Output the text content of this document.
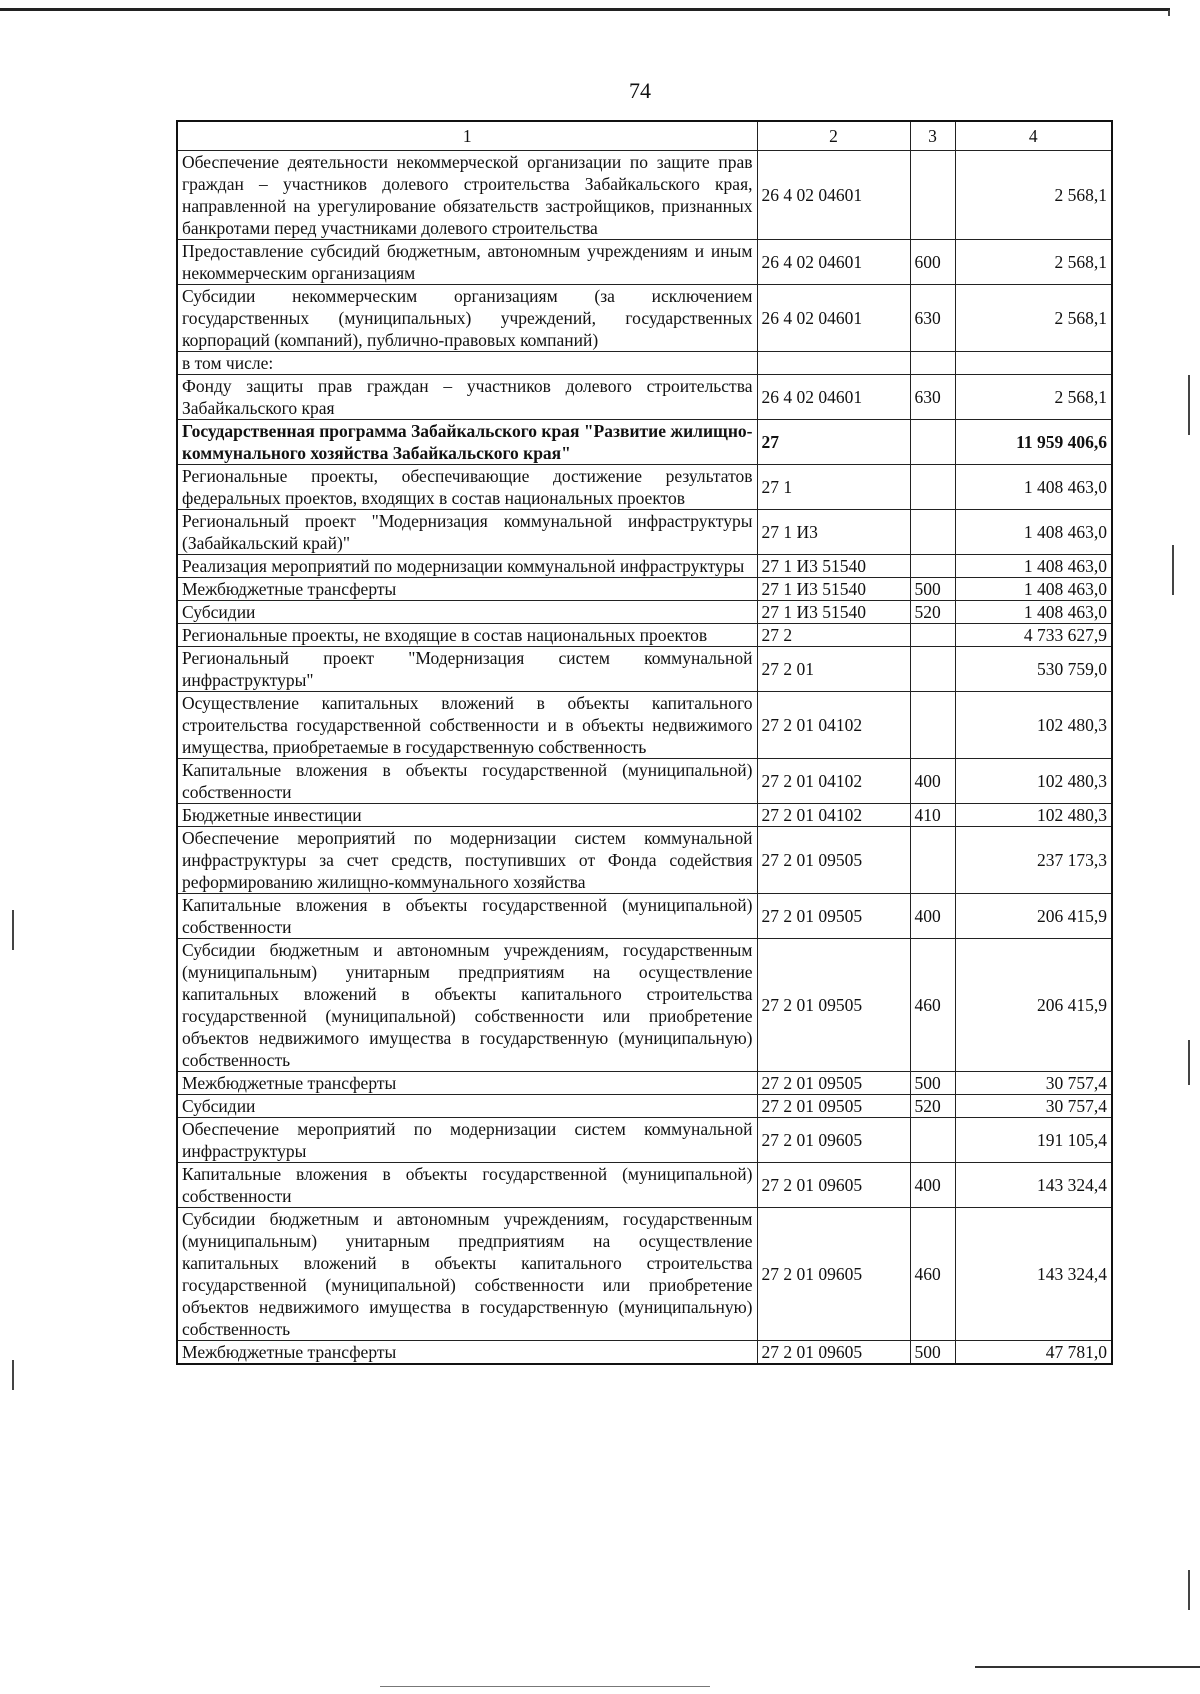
74
1	2	3	4
Обеспечение деятельности некоммерческой организации по защите прав граждан – участников долевого строительства Забайкальского края, направленной на урегулирование обязательств застройщиков, признанных банкротами перед участниками долевого строительства	26 4 02 04601		2 568,1
Предоставление субсидий бюджетным, автономным учреждениям и иным некоммерческим организациям	26 4 02 04601	600	2 568,1
Субсидии некоммерческим организациям (за исключением государственных (муниципальных) учреждений, государственных корпораций (компаний), публично-правовых компаний)	26 4 02 04601	630	2 568,1
в том числе:			
Фонду защиты прав граждан – участников долевого строительства Забайкальского края	26 4 02 04601	630	2 568,1
Государственная программа Забайкальского края "Развитие жилищно-коммунального хозяйства Забайкальского края"	27		11 959 406,6
Региональные проекты, обеспечивающие достижение результатов федеральных проектов, входящих в состав национальных проектов	27 1		1 408 463,0
Региональный проект "Модернизация коммунальной инфраструктуры (Забайкальский край)"	27 1 И3		1 408 463,0
Реализация мероприятий по модернизации коммунальной инфраструктуры	27 1 И3 51540		1 408 463,0
Межбюджетные трансферты	27 1 И3 51540	500	1 408 463,0
Субсидии	27 1 И3 51540	520	1 408 463,0
Региональные проекты, не входящие в состав национальных проектов	27 2		4 733 627,9
Региональный проект "Модернизация систем коммунальной инфраструктуры"	27 2 01		530 759,0
Осуществление капитальных вложений в объекты капитального строительства государственной собственности и в объекты недвижимого имущества, приобретаемые в государственную собственность	27 2 01 04102		102 480,3
Капитальные вложения в объекты государственной (муниципальной) собственности	27 2 01 04102	400	102 480,3
Бюджетные инвестиции	27 2 01 04102	410	102 480,3
Обеспечение мероприятий по модернизации систем коммунальной инфраструктуры за счет средств, поступивших от Фонда содействия реформированию жилищно-коммунального хозяйства	27 2 01 09505		237 173,3
Капитальные вложения в объекты государственной (муниципальной) собственности	27 2 01 09505	400	206 415,9
Субсидии бюджетным и автономным учреждениям, государственным (муниципальным) унитарным предприятиям на осуществление капитальных вложений в объекты капитального строительства государственной (муниципальной) собственности или приобретение объектов недвижимого имущества в государственную (муниципальную) собственность	27 2 01 09505	460	206 415,9
Межбюджетные трансферты	27 2 01 09505	500	30 757,4
Субсидии	27 2 01 09505	520	30 757,4
Обеспечение мероприятий по модернизации систем коммунальной инфраструктуры	27 2 01 09605		191 105,4
Капитальные вложения в объекты государственной (муниципальной) собственности	27 2 01 09605	400	143 324,4
Субсидии бюджетным и автономным учреждениям, государственным (муниципальным) унитарным предприятиям на осуществление капитальных вложений в объекты капитального строительства государственной (муниципальной) собственности или приобретение объектов недвижимого имущества в государственную (муниципальную) собственность	27 2 01 09605	460	143 324,4
Межбюджетные трансферты	27 2 01 09605	500	47 781,0
